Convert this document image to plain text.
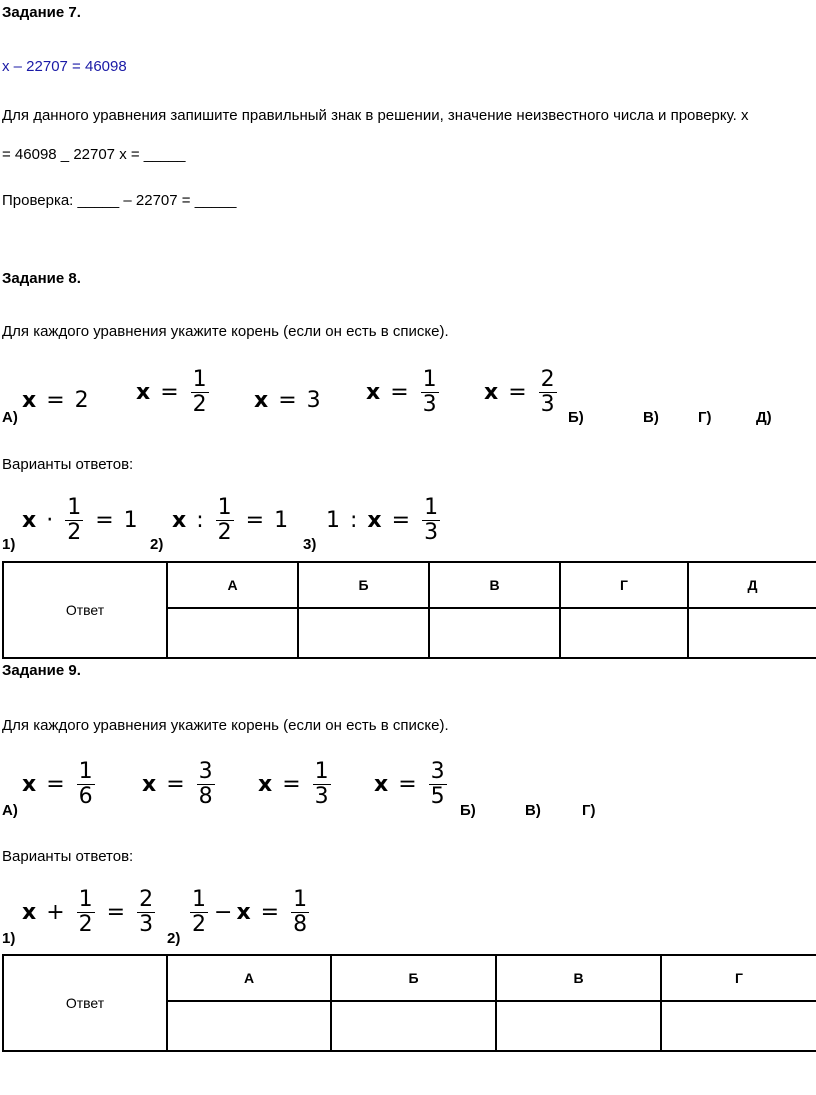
Задание 7.
x – 22707 = 46098
Для данного уравнения запишите правильный знак в решении, значение неизвестного числа и проверку. x
= 46098 _ 22707 x = _____
Проверка: _____ – 22707 = _____
Задание 8.
Для каждого уравнения укажите корень (если он есть в списке).
x = 2 $x = \frac{1}{2}$ x = 3 $x = \frac{1}{3}$ $x = \frac{2}{3}$
А)	Б)	В)	Г)	Д)
Варианты ответов:
$x \cdot \frac{1}{2} = 1$ x : $\frac{1}{2} = 1$ 1 : $x = \frac{1}{3}$
1)	2)	3)
Ответ	А	Б	В	Г	Д

Задание 9.
Для каждого уравнения укажите корень (если он есть в списке).
$x = \frac{1}{6}$ $x = \frac{3}{8}$ $x = \frac{1}{3}$ $x = \frac{3}{5}$
А)	Б)	В)	Г)
Варианты ответов:
$x + \frac{1}{2} = \frac{2}{3} \frac{1}{2} - x = \frac{1}{8}$
1)	2)
Ответ	А	Б	В	Г
